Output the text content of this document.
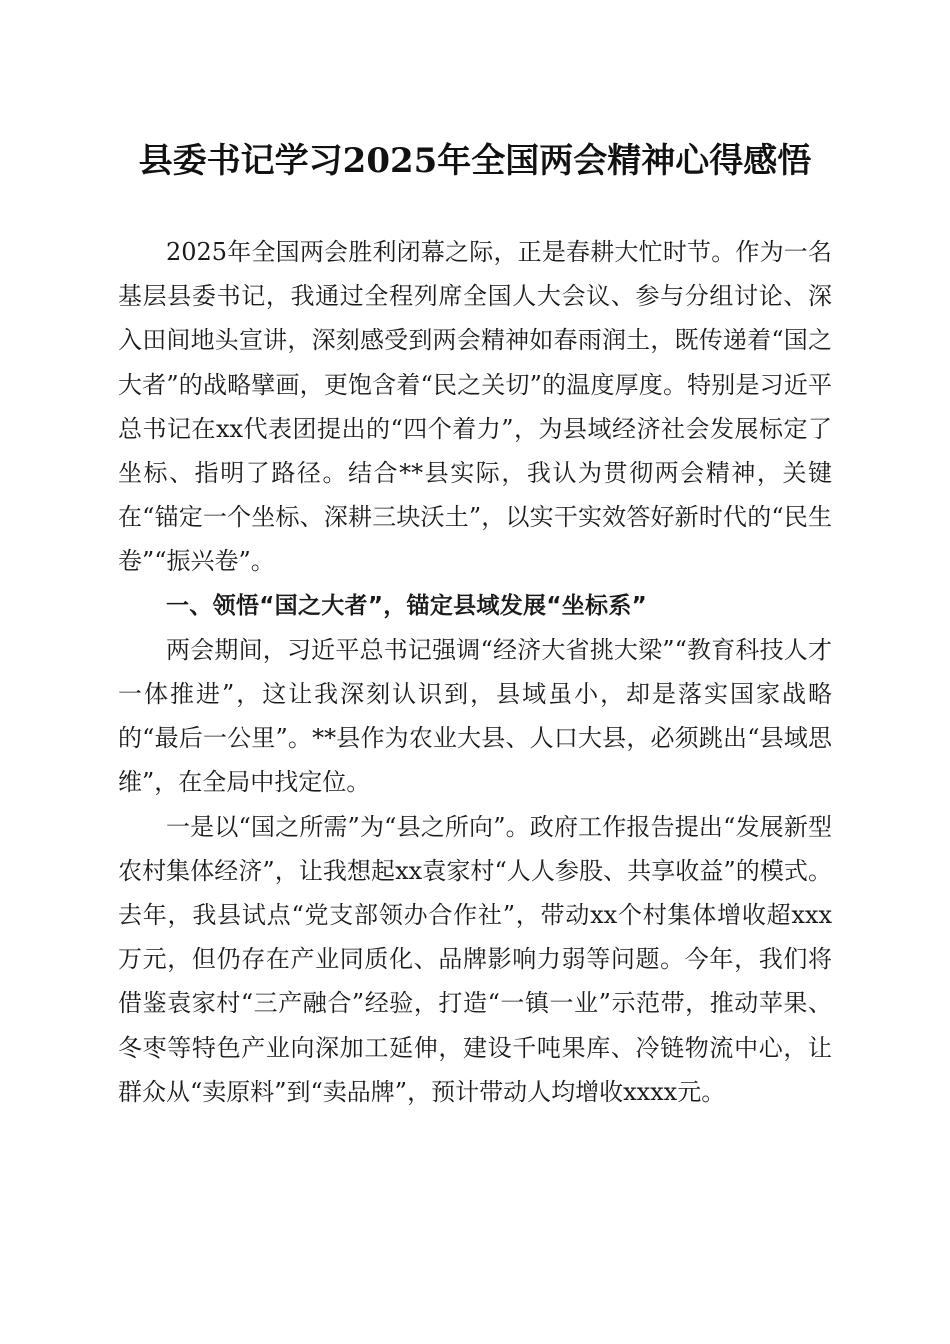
县委书记学习2025年全国两会精神心得感悟

2025年全国两会胜利闭幕之际，正是春耕大忙时节。作为一名基层县委书记，我通过全程列席全国人大会议、参与分组讨论、深入田间地头宣讲，深刻感受到两会精神如春雨润土，既传递着“国之大者”的战略擘画，更饱含着“民之关切”的温度厚度。特别是习近平总书记在xx代表团提出的“四个着力”，为县域经济社会发展标定了坐标、指明了路径。结合**县实际，我认为贯彻两会精神，关键在“锚定一个坐标、深耕三块沃土”，以实干实效答好新时代的“民生卷”“振兴卷”。

一、领悟“国之大者”，锚定县域发展“坐标系”

两会期间，习近平总书记强调“经济大省挑大梁”“教育科技人才一体推进”，这让我深刻认识到，县域虽小，却是落实国家战略的“最后一公里”。**县作为农业大县、人口大县，必须跳出“县域思维”，在全局中找定位。

一是以“国之所需”为“县之所向”。政府工作报告提出“发展新型农村集体经济”，让我想起xx袁家村“人人参股、共享收益”的模式。去年，我县试点“党支部领办合作社”，带动xx个村集体增收超xxx万元，但仍存在产业同质化、品牌影响力弱等问题。今年，我们将借鉴袁家村“三产融合”经验，打造“一镇一业”示范带，推动苹果、冬枣等特色产业向深加工延伸，建设千吨果库、冷链物流中心，让群众从“卖原料”到“卖品牌”，预计带动人均增收xxxx元。
